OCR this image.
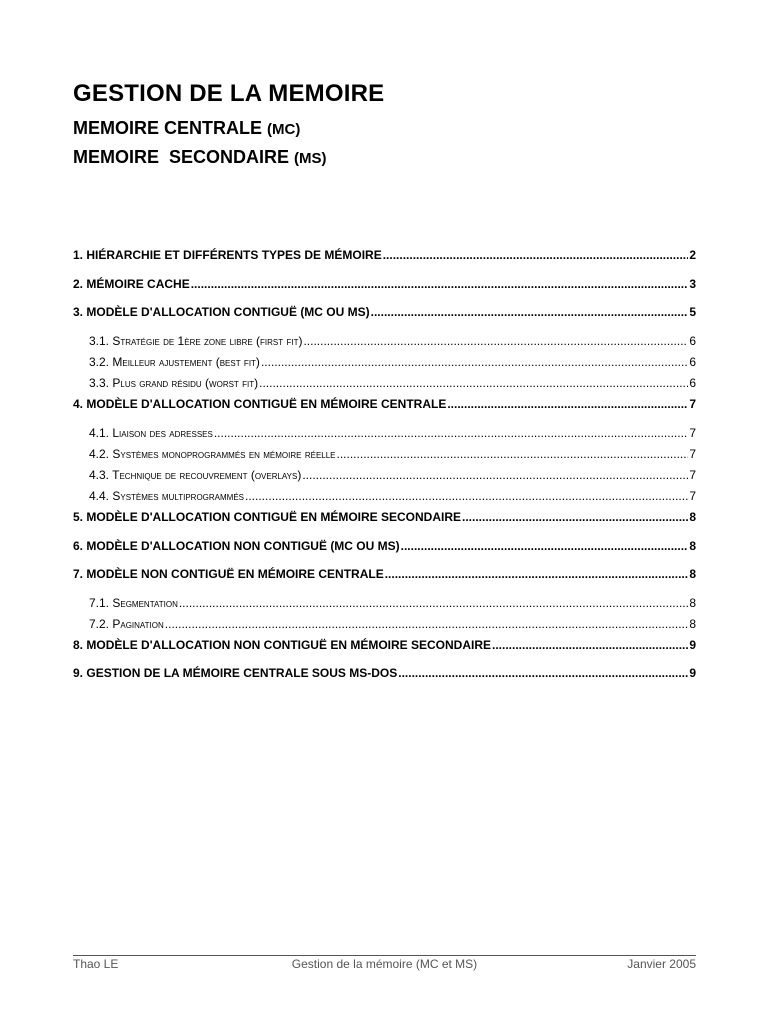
GESTION DE LA MEMOIRE
MEMOIRE CENTRALE (MC)
MEMOIRE  SECONDAIRE (MS)
1. HIÉRARCHIE ET DIFFÉRENTS TYPES DE MÉMOIRE .....	2
2. MÉMOIRE CACHE .....	3
3. MODÈLE D'ALLOCATION CONTIGUË (MC OU MS) .....	5
3.1. Stratégie de 1ère zone libre (first fit) .....	6
3.2. Meilleur ajustement (best fit) .....	6
3.3. Plus grand résidu (worst fit) .....	6
4. MODÈLE D'ALLOCATION CONTIGUË EN MÉMOIRE CENTRALE .....	7
4.1. Liaison des adresses .....	7
4.2. Systèmes monoprogrammés en mémoire réelle .....	7
4.3. Technique de recouvrement (overlays) .....	7
4.4. Systèmes multiprogrammés .....	7
5. MODÈLE D'ALLOCATION CONTIGUË EN MÉMOIRE SECONDAIRE .....	8
6. MODÈLE D'ALLOCATION NON CONTIGUË (MC OU MS) .....	8
7. MODÈLE NON CONTIGUË EN MÉMOIRE CENTRALE .....	8
7.1. Segmentation .....	8
7.2. Pagination .....	8
8. MODÈLE D'ALLOCATION NON CONTIGUË EN MÉMOIRE SECONDAIRE .....	9
9. GESTION DE LA MÉMOIRE CENTRALE SOUS MS-DOS .....	9
Thao LE	Gestion de la mémoire (MC et MS)	Janvier 2005
